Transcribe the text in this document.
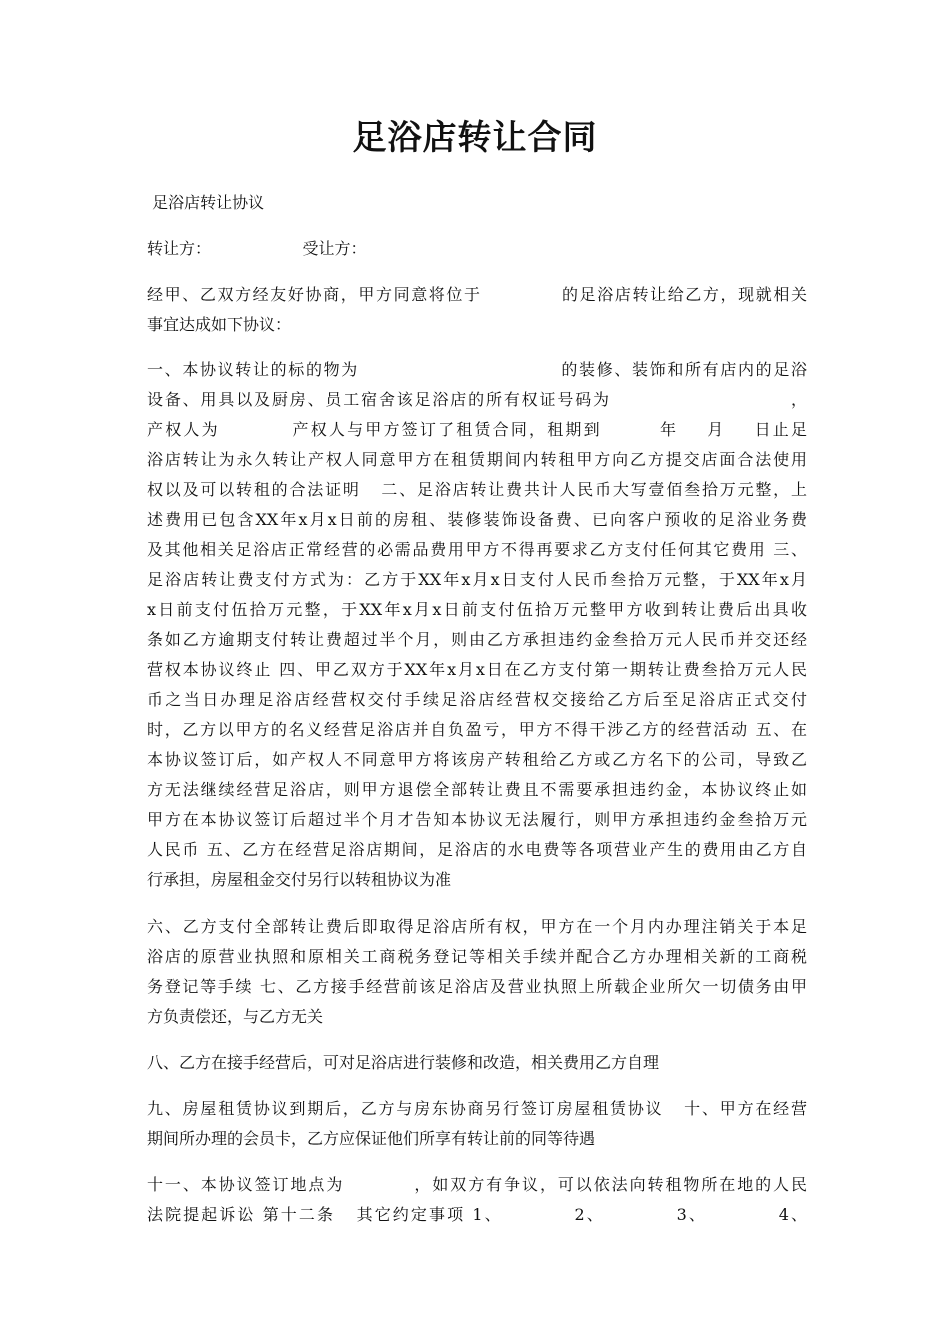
足浴店转让合同

足浴店转让协议

转让方：                  受让方：

经甲、乙双方经友好协商，甲方同意将位于            的足浴店转让给乙方，现就相关
事宜达成如下协议：
一、本协议转让的标的物为                              的装修、装饰和所有店内的足浴
设备、用具以及厨房、员工宿舍该足浴店的所有权证号码为                          ，
产权人为          产权人与甲方签订了租赁合同，租期到        年    月    日止足
浴店转让为永久转让产权人同意甲方在租赁期间内转租甲方向乙方提交店面合法使用
权以及可以转租的合法证明   二、足浴店转让费共计人民币大写壹佰叁拾万元整，上
述费用已包含XX年x月x日前的房租、装修装饰设备费、已向客户预收的足浴业务费
及其他相关足浴店正常经营的必需品费用甲方不得再要求乙方支付任何其它费用 三、
足浴店转让费支付方式为：乙方于XX年x月x日支付人民币叁拾万元整，于XX年x月
x日前支付伍拾万元整，于XX年x月x日前支付伍拾万元整甲方收到转让费后出具收
条如乙方逾期支付转让费超过半个月，则由乙方承担违约金叁拾万元人民币并交还经
营权本协议终止 四、甲乙双方于XX年x月x日在乙方支付第一期转让费叁拾万元人民
币之当日办理足浴店经营权交付手续足浴店经营权交接给乙方后至足浴店正式交付
时，乙方以甲方的名义经营足浴店并自负盈亏，甲方不得干涉乙方的经营活动 五、在
本协议签订后，如产权人不同意甲方将该房产转租给乙方或乙方名下的公司，导致乙
方无法继续经营足浴店，则甲方退偿全部转让费且不需要承担违约金，本协议终止如
甲方在本协议签订后超过半个月才告知本协议无法履行，则甲方承担违约金叁拾万元
人民币 五、乙方在经营足浴店期间，足浴店的水电费等各项营业产生的费用由乙方自
行承担，房屋租金交付另行以转租协议为准
六、乙方支付全部转让费后即取得足浴店所有权，甲方在一个月内办理注销关于本足
浴店的原营业执照和原相关工商税务登记等相关手续并配合乙方办理相关新的工商税
务登记等手续 七、乙方接手经营前该足浴店及营业执照上所载企业所欠一切债务由甲
方负责偿还，与乙方无关

八、乙方在接手经营后，可对足浴店进行装修和改造，相关费用乙方自理

九、房屋租赁协议到期后，乙方与房东协商另行签订房屋租赁协议   十、甲方在经营
期间所办理的会员卡，乙方应保证他们所享有转让前的同等待遇
十一、本协议签订地点为          ，如双方有争议，可以依法向转租物所在地的人民
法院提起诉讼 第十二条   其它约定事项 1、          2、          3、          4、
